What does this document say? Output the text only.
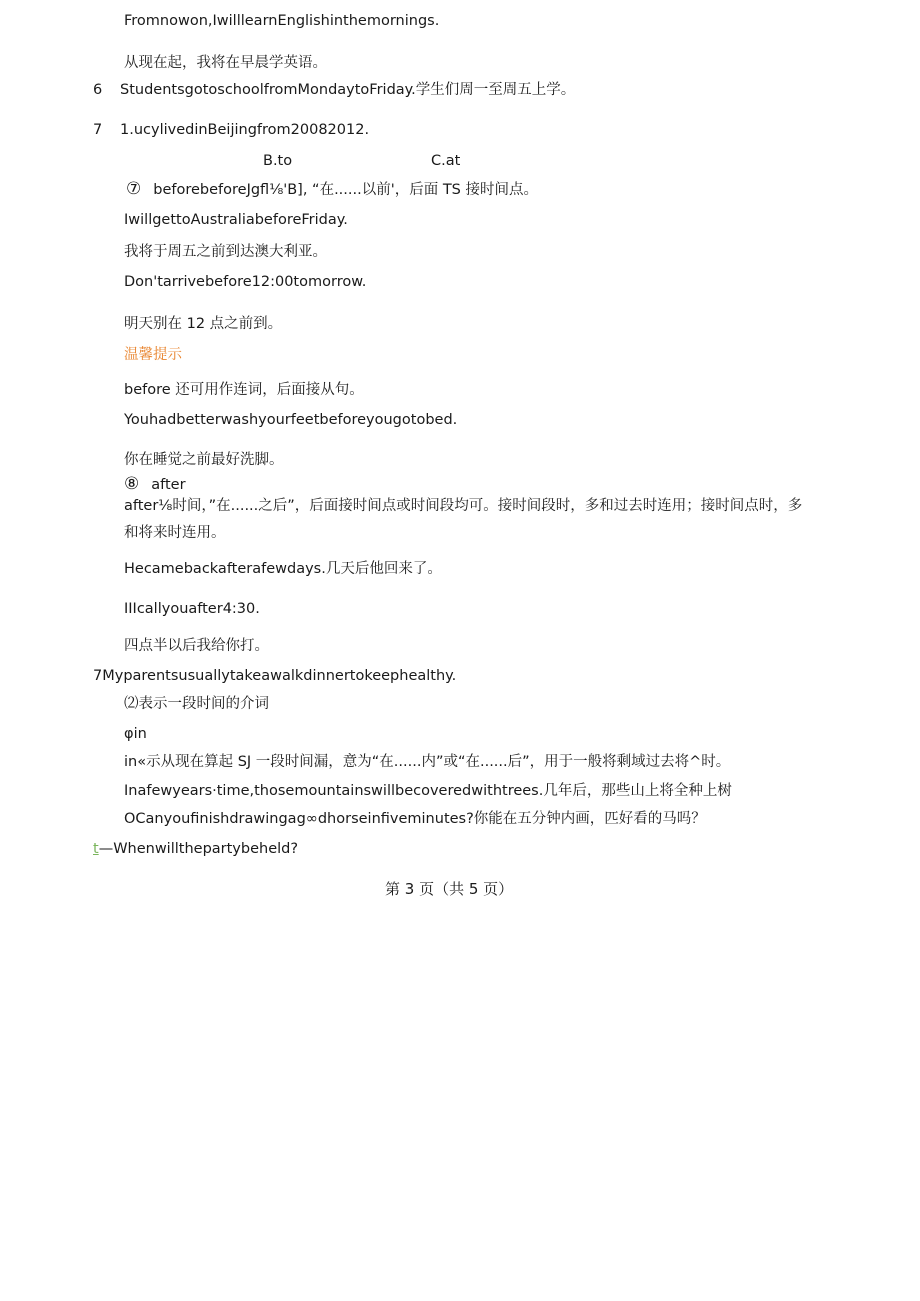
Fromnowon,IwilllearnEnglishinthemornings.
从现在起，我将在早晨学英语。
6 StudentsgotoschoolfromMondaytoFriday.学生们周一至周五上学。
7 1.ucylivedinBeijingfrom20082012.
B.to	C.at
⑦ beforebeforeJgfl⅛'B], “在......以前'，后面 TS 接时间点。
IwillgettoAustraliabeforeFriday.
我将于周五之前到达澳大利亚。
Don'tarrivebefore12:00tomorrow.
明天别在 12 点之前到。
温馨提示
before 还可用作连词，后面接从句。
Youhadbetterwashyourfeetbeforeyougotobed.
你在睡觉之前最好洗脚。
⑧ after
after⅛时间，”在......之后”，后面接时间点或时间段均可。接时间段时，多和过去时连用；接时间点时，多和将来时连用。
Hecamebackafterafewdays.几天后他回来了。
IIIcallyouafter4:30.
四点半以后我给你打。
7Myparentsusuallytakeawalkdinnertokeephealthy.
⑵表示一段时间的介词
φin
in«示从现在算起 SJ 一段时间漏，意为“在......内”或“在......后”，用于一般将剩域过去将^时。
Inafewyears·time,thosemountainswillbecoveredwithtrees.几年后，那些山上将全种上树
OCanyoufinishdrawingag∞dhorseinfiveminutes?你能在五分钟内画，匹好看的马吗？
t—Whenwillthepartybeheld?
第 3 页（共 5 页）
